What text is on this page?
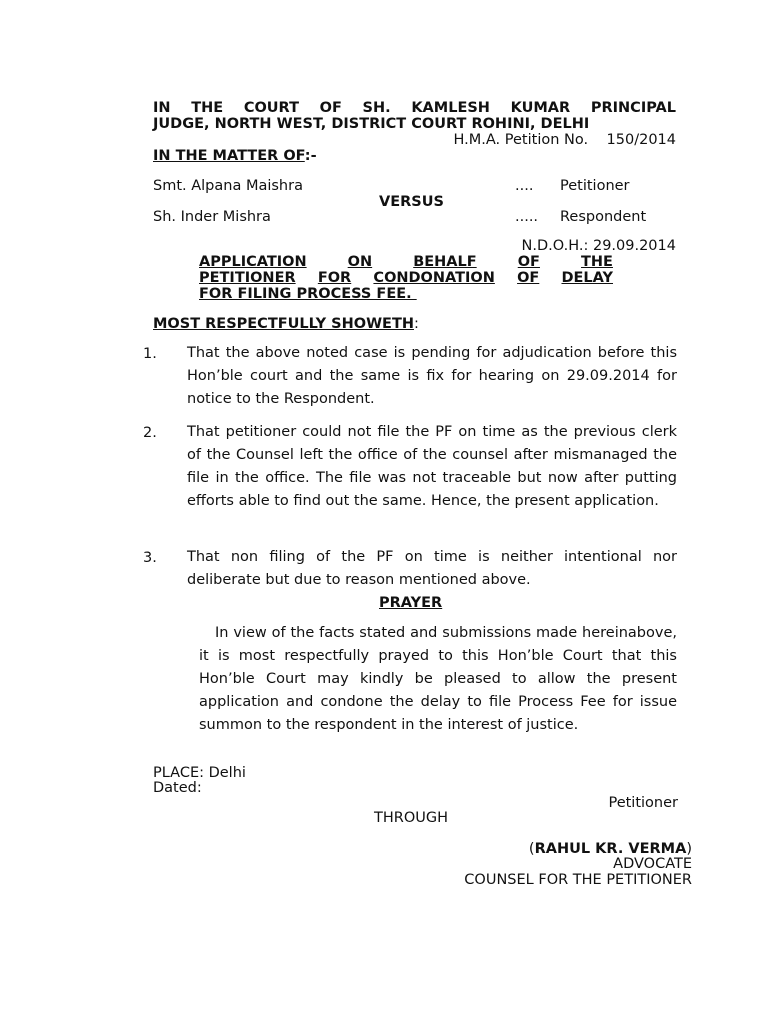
IN THE COURT OF SH. KAMLESH KUMAR PRINCIPAL
JUDGE, NORTH WEST, DISTRICT COURT ROHINI, DELHI
H.M.A. Petition No. 150/2014
IN THE MATTER OF:-
Smt. Alpana Maishra	.... Petitioner
VERSUS
Sh. Inder Mishra	..... Respondent
N.D.O.H.: 29.09.2014
APPLICATION	ON	BEHALF	OF	THE
PETITIONER FOR CONDONATION OF DELAY
FOR FILING PROCESS FEE.
MOST RESPECTFULLY SHOWETH:
1. That the above noted case is pending for adjudication before this Hon’ble court and the same is fix for hearing on 29.09.2014 for notice to the Respondent.
2. That petitioner could not file the PF on time as the previous clerk of the Counsel left the office of the counsel after mismanaged the file in the office. The file was not traceable but now after putting efforts able to find out the same. Hence, the present application.
3. That non filing of the PF on time is neither intentional nor deliberate but due to reason mentioned above.
PRAYER
In view of the facts stated and submissions made hereinabove, it is most respectfully prayed to this Hon’ble Court that this Hon’ble Court may kindly be pleased to allow the present application and condone the delay to file Process Fee for issue summon to the respondent in the interest of justice.
PLACE: Delhi
Dated:
Petitioner
THROUGH
(RAHUL KR. VERMA)
ADVOCATE
COUNSEL FOR THE PETITIONER
